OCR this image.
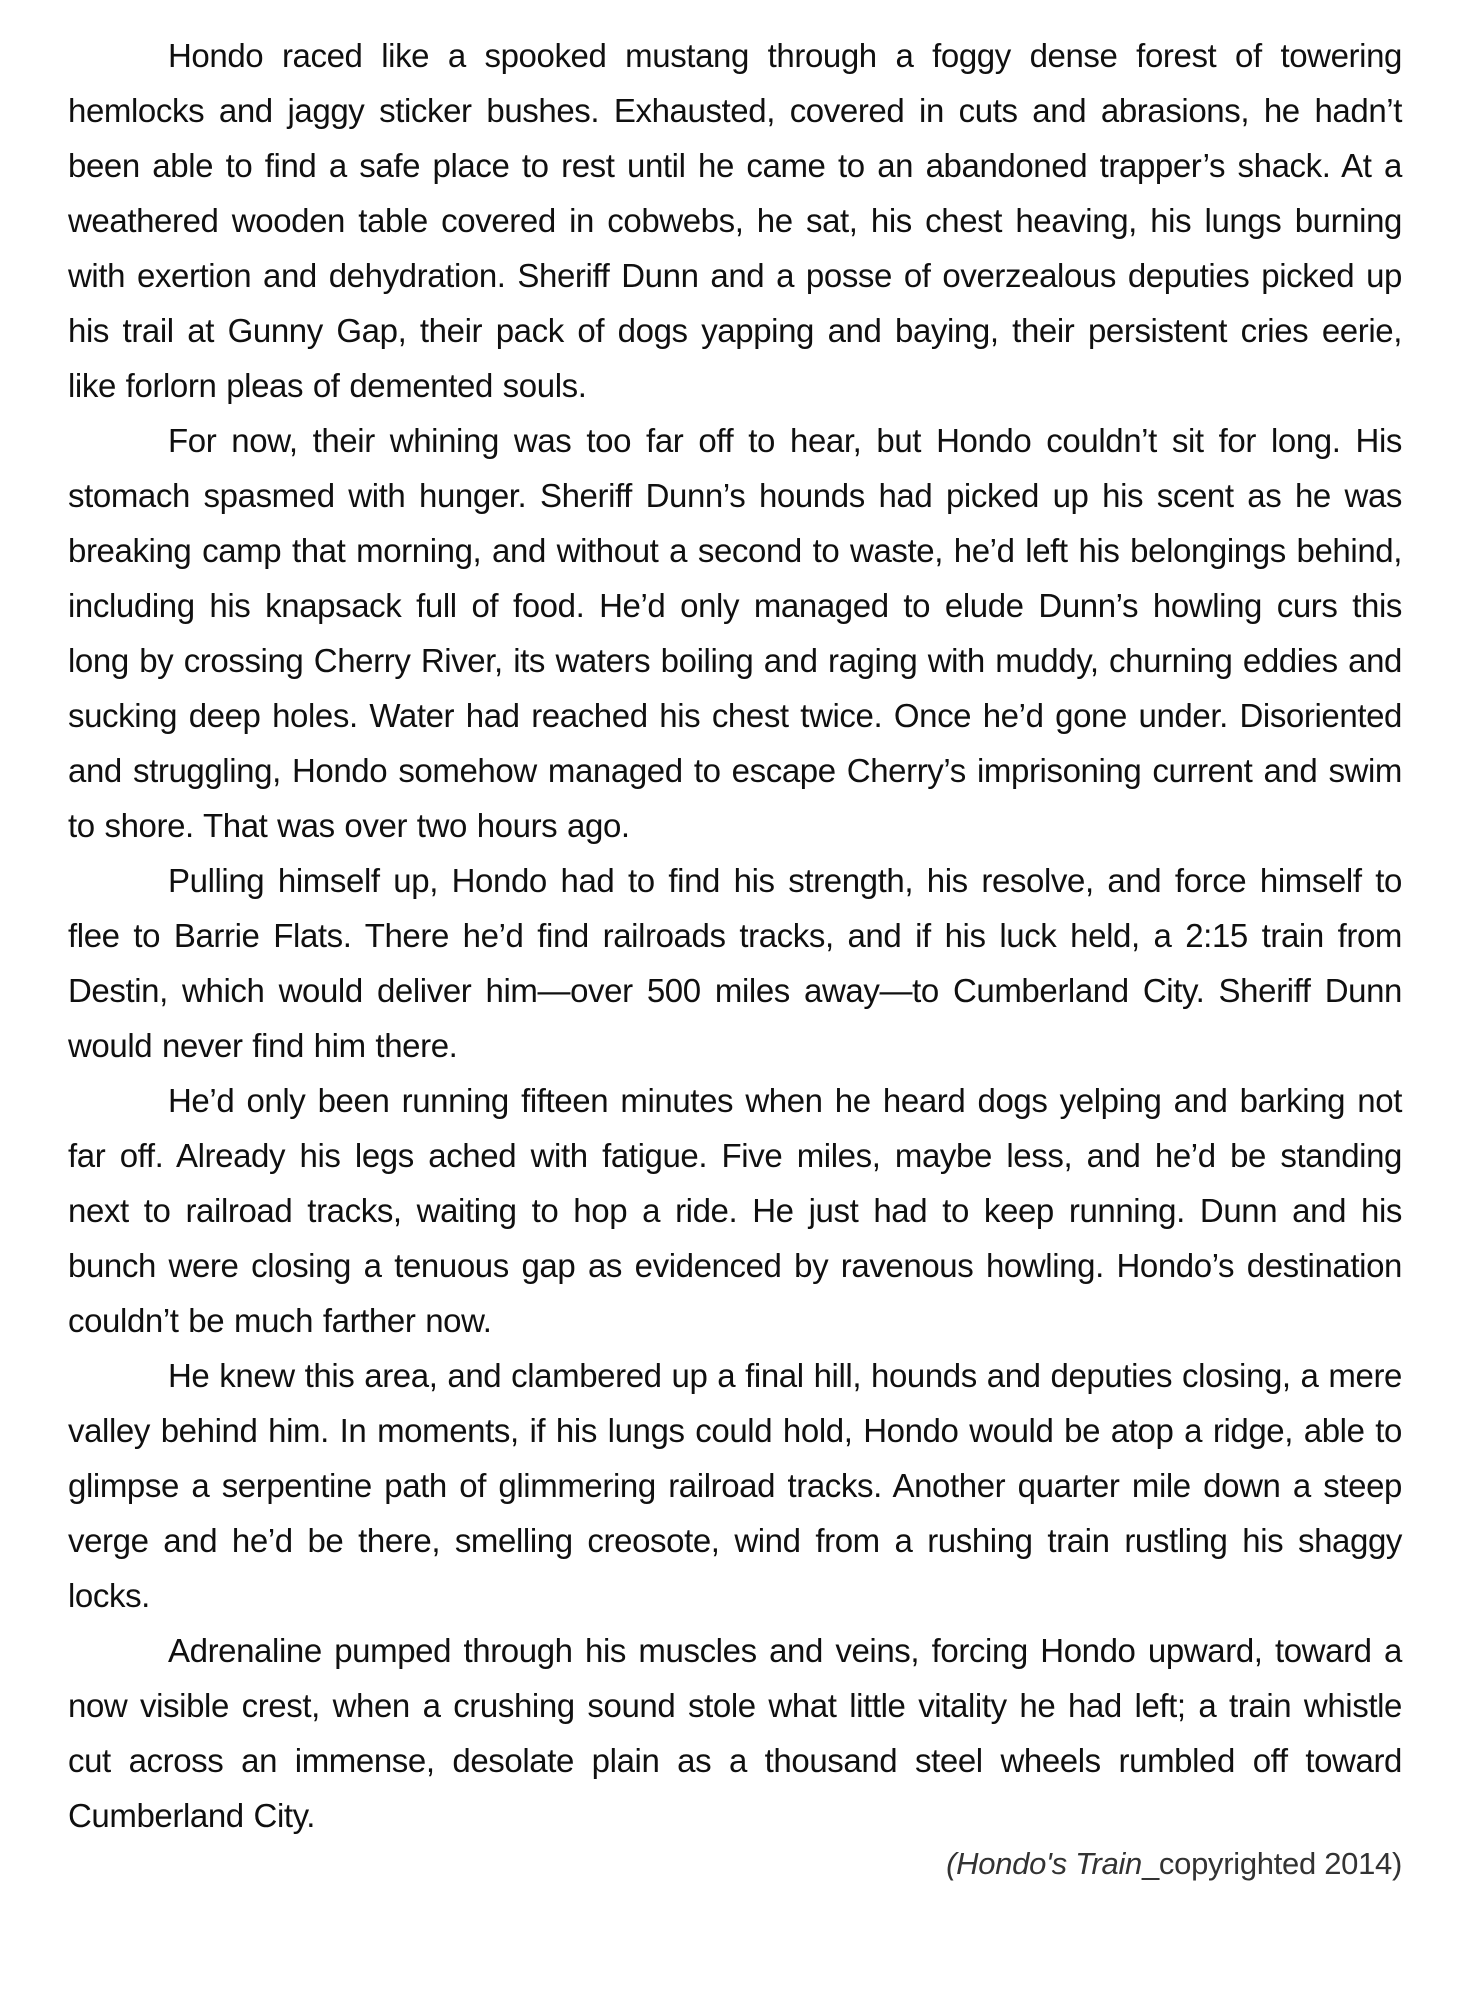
Hondo raced like a spooked mustang through a foggy dense forest of towering hemlocks and jaggy sticker bushes. Exhausted, covered in cuts and abrasions, he hadn’t been able to find a safe place to rest until he came to an abandoned trapper’s shack. At a weathered wooden table covered in cobwebs, he sat, his chest heaving, his lungs burning with exertion and dehydration. Sheriff Dunn and a posse of overzealous deputies picked up his trail at Gunny Gap, their pack of dogs yapping and baying, their persistent cries eerie, like forlorn pleas of demented souls.

For now, their whining was too far off to hear, but Hondo couldn’t sit for long. His stomach spasmed with hunger. Sheriff Dunn’s hounds had picked up his scent as he was breaking camp that morning, and without a second to waste, he’d left his belongings behind, including his knapsack full of food. He’d only managed to elude Dunn’s howling curs this long by crossing Cherry River, its waters boiling and raging with muddy, churning eddies and sucking deep holes. Water had reached his chest twice. Once he’d gone under. Disoriented and struggling, Hondo somehow managed to escape Cherry’s imprisoning current and swim to shore. That was over two hours ago.

Pulling himself up, Hondo had to find his strength, his resolve, and force himself to flee to Barrie Flats. There he’d find railroads tracks, and if his luck held, a 2:15 train from Destin, which would deliver him—over 500 miles away—to Cumberland City. Sheriff Dunn would never find him there.

He’d only been running fifteen minutes when he heard dogs yelping and barking not far off. Already his legs ached with fatigue. Five miles, maybe less, and he’d be standing next to railroad tracks, waiting to hop a ride. He just had to keep running. Dunn and his bunch were closing a tenuous gap as evidenced by ravenous howling. Hondo’s destination couldn’t be much farther now.

He knew this area, and clambered up a final hill, hounds and deputies closing, a mere valley behind him. In moments, if his lungs could hold, Hondo would be atop a ridge, able to glimpse a serpentine path of glimmering railroad tracks. Another quarter mile down a steep verge and he’d be there, smelling creosote, wind from a rushing train rustling his shaggy locks.

Adrenaline pumped through his muscles and veins, forcing Hondo upward, toward a now visible crest, when a crushing sound stole what little vitality he had left; a train whistle cut across an immense, desolate plain as a thousand steel wheels rumbled off toward Cumberland City.

(Hondo's Train_copyrighted 2014)
